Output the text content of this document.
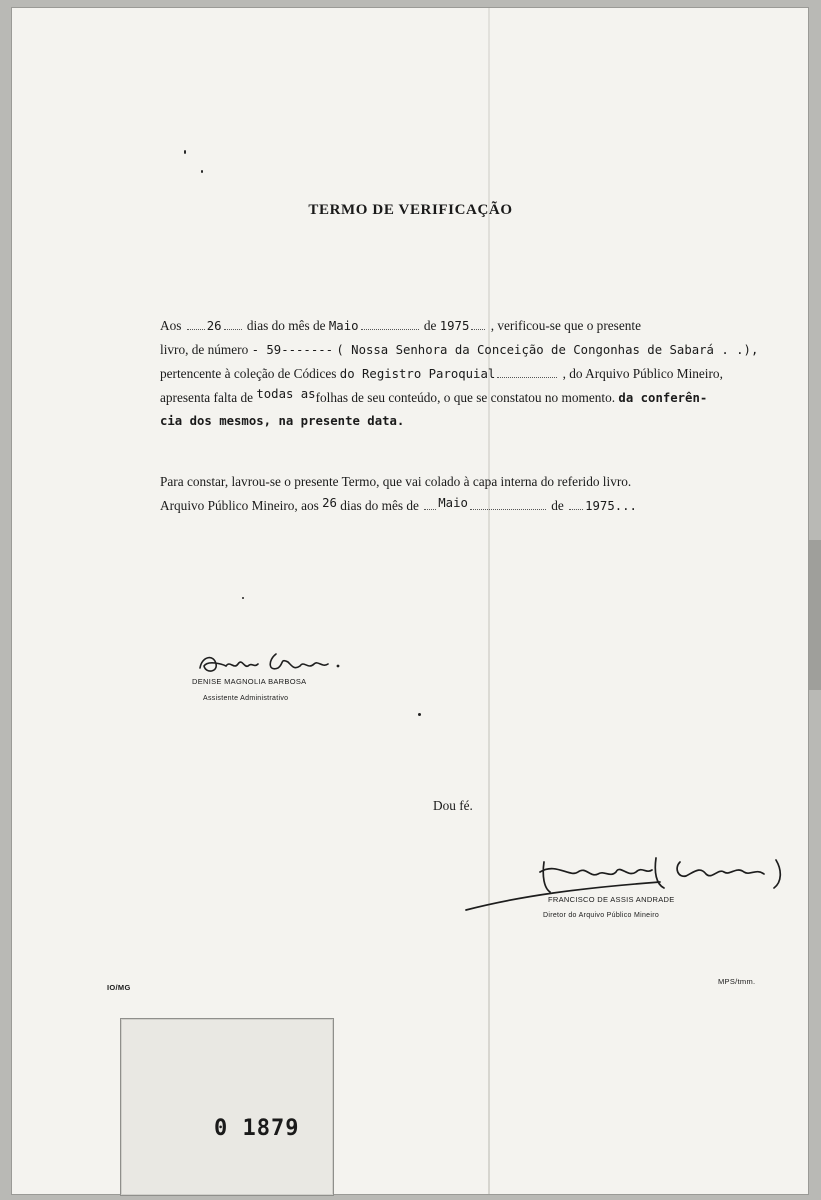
TERMO DE VERIFICAÇÃO
Aos 26 dias do mês de Maio	de 1975 , verificou-se que o presente
livro, de número - 59------- ( Nossa Senhora da Conceição de Congonhas de Sabará . .),
pertencente à coleção de Códices do Registro Paroquial	, do Arquivo Público Mineiro,
apresenta falta de todas asfolhas de seu conteúdo, o que se constatou no momento. da conferên-
cia dos mesmos, na presente data.
Para constar, lavrou-se o presente Termo, que vai colado à capa interna do referido livro.
Arquivo Público Mineiro, aos 26 dias do mês de Maio	de 1975...
DENISE MAGNOLIA BARBOSA
Assistente Administrativo
Dou fé.
FRANCISCO DE ASSIS ANDRADE
Diretor do Arquivo Público Mineiro
IO/MG
MPS/tmm.
0 1879
